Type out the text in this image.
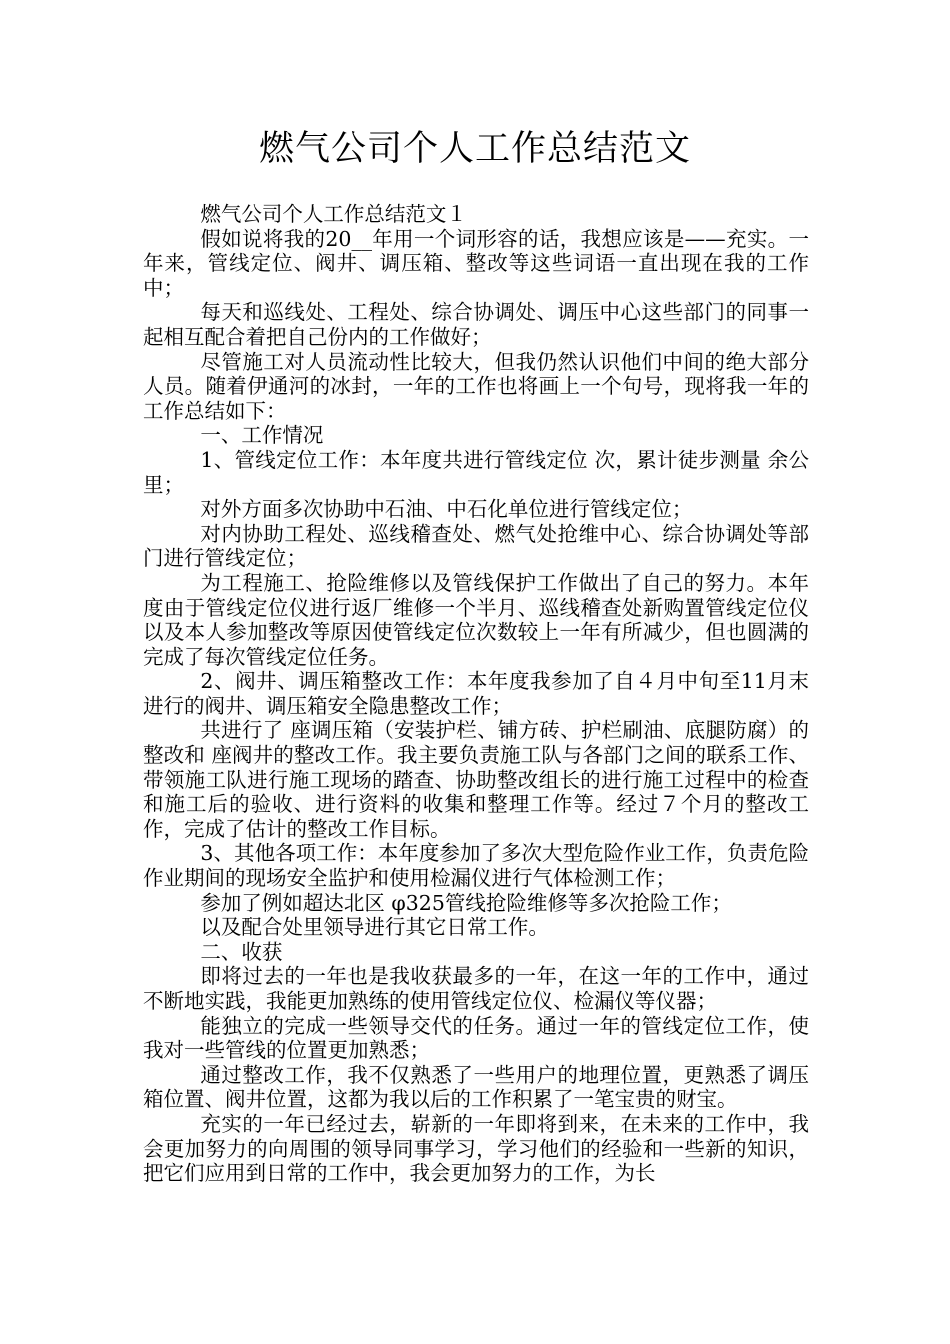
燃气公司个人工作总结范文

燃气公司个人工作总结范文１

假如说将我的20__年用一个词形容的话，我想应该是——充实。一年来，管线定位、阀井、调压箱、整改等这些词语一直出现在我的工作中；

每天和巡线处、工程处、综合协调处、调压中心这些部门的同事一起相互配合着把自己份内的工作做好；

尽管施工对人员流动性比较大，但我仍然认识他们中间的绝大部分人员。随着伊通河的冰封，一年的工作也将画上一个句号，现将我一年的工作总结如下：

一、工作情况

1、管线定位工作：本年度共进行管线定位 次，累计徒步测量 余公里；

对外方面多次协助中石油、中石化单位进行管线定位；

对内协助工程处、巡线稽查处、燃气处抢维中心、综合协调处等部门进行管线定位；

为工程施工、抢险维修以及管线保护工作做出了自己的努力。本年度由于管线定位仪进行返厂维修一个半月、巡线稽查处新购置管线定位仪以及本人参加整改等原因使管线定位次数较上一年有所减少，但也圆满的完成了每次管线定位任务。

2、阀井、调压箱整改工作：本年度我参加了自４月中旬至11月末进行的阀井、调压箱安全隐患整改工作；

共进行了 座调压箱（安装护栏、铺方砖、护栏刷油、底腿防腐）的整改和 座阀井的整改工作。我主要负责施工队与各部门之间的联系工作、带领施工队进行施工现场的踏查、协助整改组长的进行施工过程中的检查和施工后的验收、进行资料的收集和整理工作等。经过７个月的整改工作，完成了估计的整改工作目标。

3、其他各项工作：本年度参加了多次大型危险作业工作，负责危险作业期间的现场安全监护和使用检漏仪进行气体检测工作；

参加了例如超达北区 φ325管线抢险维修等多次抢险工作；

以及配合处里领导进行其它日常工作。

二、收获

即将过去的一年也是我收获最多的一年，在这一年的工作中，通过不断地实践，我能更加熟练的使用管线定位仪、检漏仪等仪器；

能独立的完成一些领导交代的任务。通过一年的管线定位工作，使我对一些管线的位置更加熟悉；

通过整改工作，我不仅熟悉了一些用户的地理位置，更熟悉了调压箱位置、阀井位置，这都为我以后的工作积累了一笔宝贵的财宝。

充实的一年已经过去，崭新的一年即将到来，在未来的工作中，我会更加努力的向周围的领导同事学习，学习他们的经验和一些新的知识，把它们应用到日常的工作中，我会更加努力的工作，为长
